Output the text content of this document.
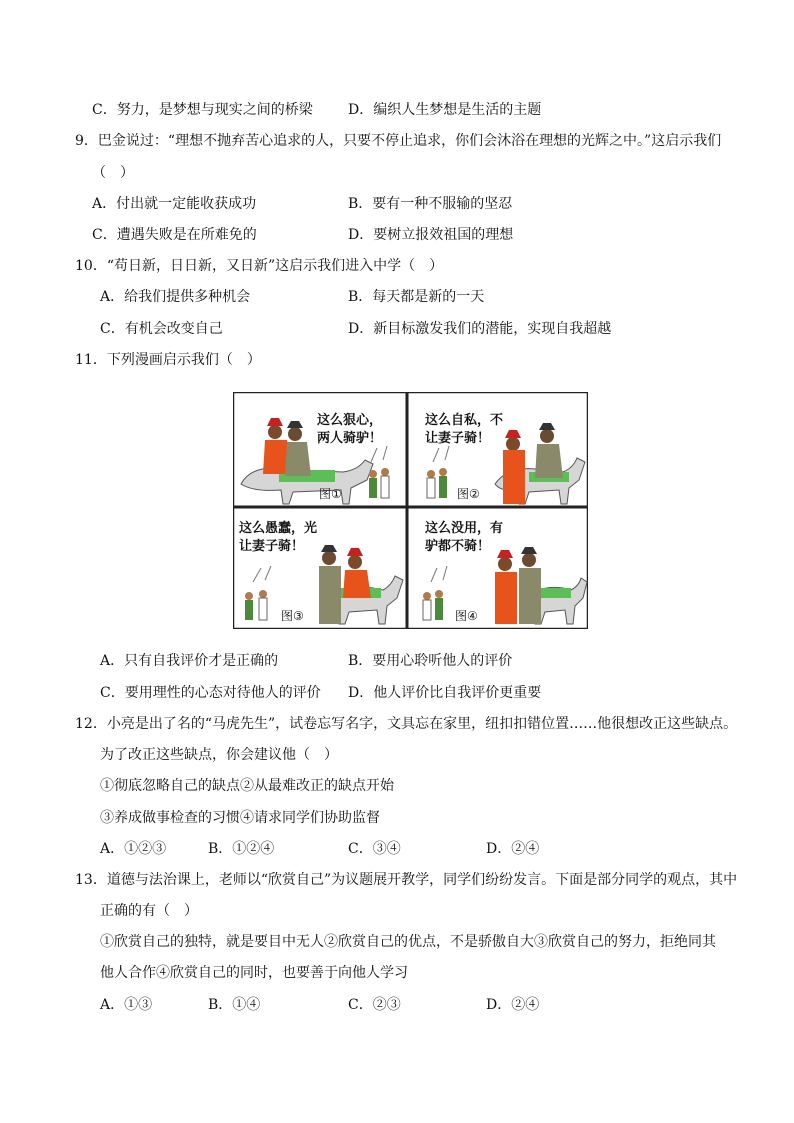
C．努力，是梦想与现实之间的桥梁	D．编织人生梦想是生活的主题
9．巴金说过：“理想不抛弃苦心追求的人，只要不停止追求，你们会沐浴在理想的光辉之中。”这启示我们
（　）
A．付出就一定能收获成功	B．要有一种不服输的坚忍
C．遭遇失败是在所难免的	D．要树立报效祖国的理想
10．“苟日新，日日新，又日新”这启示我们进入中学（　）
A．给我们提供多种机会	B．每天都是新的一天
C．有机会改变自己	D．新目标激发我们的潜能，实现自我超越
11．下列漫画启示我们（　）
这么狠心，
两人骑驴！
图①
这么自私，不
让妻子骑！
图②
这么愚蠢，光
让妻子骑！
图③
这么没用，有
驴都不骑！
图④
A．只有自我评价才是正确的	B．要用心聆听他人的评价
C．要用理性的心态对待他人的评价 D．他人评价比自我评价更重要
12．小亮是出了名的“马虎先生”，试卷忘写名字，文具忘在家里，纽扣扣错位置……他很想改正这些缺点。
为了改正这些缺点，你会建议他（　）
①彻底忽略自己的缺点②从最难改正的缺点开始
③养成做事检查的习惯④请求同学们协助监督
A．①②③	B．①②④	C．③④	D．②④
13．道德与法治课上，老师以“欣赏自己”为议题展开教学，同学们纷纷发言。下面是部分同学的观点，其中
正确的有（　）
①欣赏自己的独特，就是要目中无人②欣赏自己的优点，不是骄傲自大③欣赏自己的努力，拒绝同其
他人合作④欣赏自己的同时，也要善于向他人学习
A．①③	B．①④	C．②③	D．②④
